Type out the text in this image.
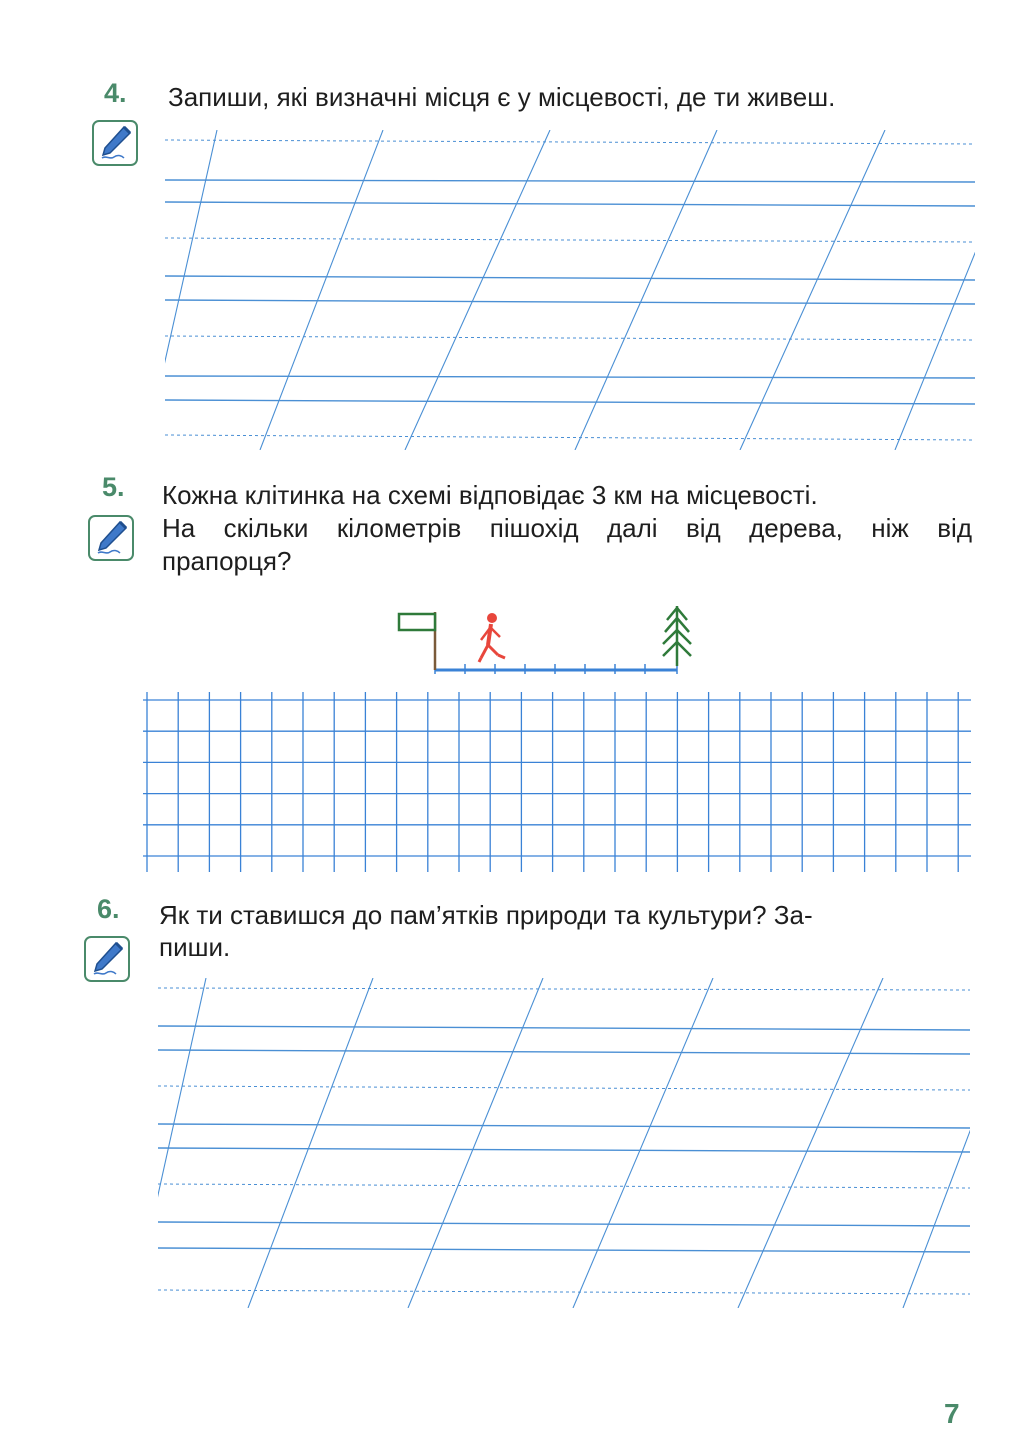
4. Запиши, які визначні місця є у місцевості, де ти живеш.
5. Кожна клітинка на схемі відповідає 3 км на місцевості.
На скільки кілометрів пішохід далі від дерева, ніж від
прапорця?
6. Як ти ставишся до пам’ятків природи та культури? За-
пиши.
7
